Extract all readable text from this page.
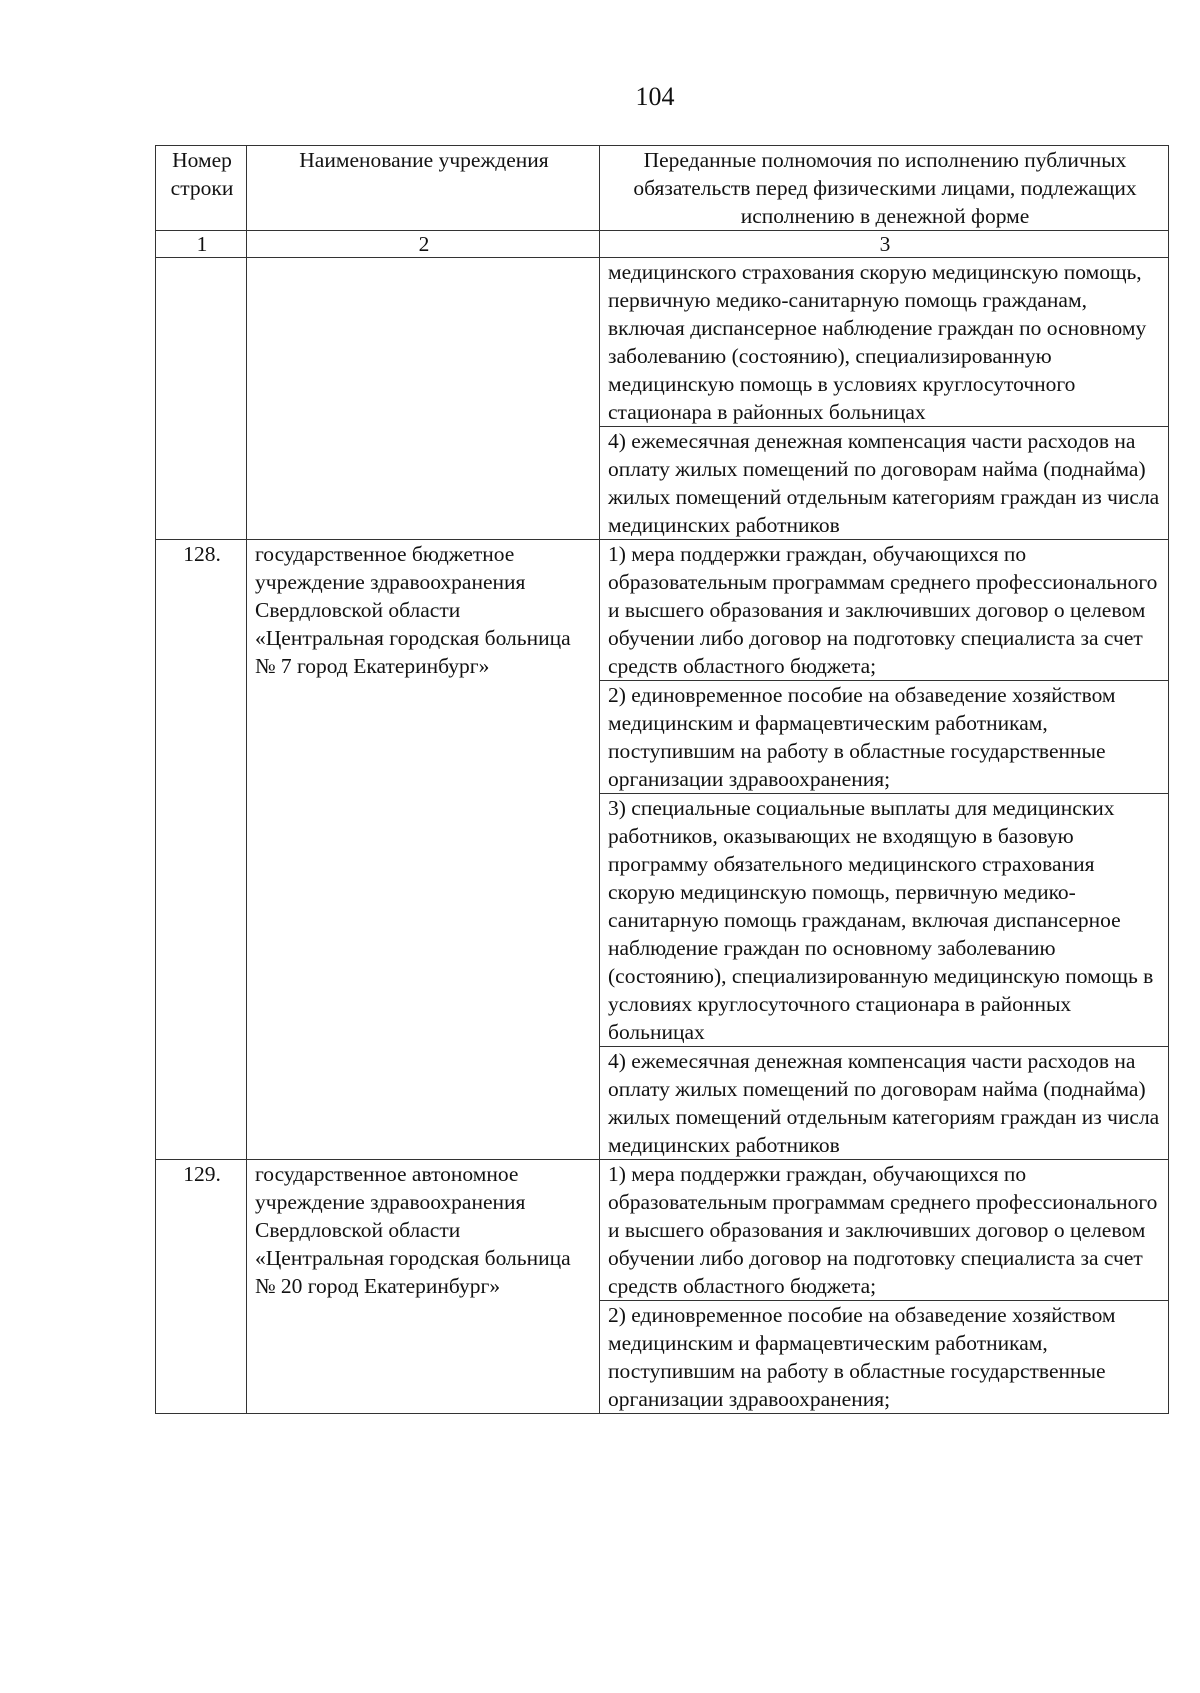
104
Номер строки	Наименование учреждения	Переданные полномочия по исполнению публичных обязательств перед физическими лицами, подлежащих исполнению в денежной форме
1	2	3
		медицинского страхования скорую медицинскую помощь, первичную медико-санитарную помощь гражданам, включая диспансерное наблюдение граждан по основному заболеванию (состоянию), специализированную медицинскую помощь в условиях круглосуточного стационара в районных больницах
		4) ежемесячная денежная компенсация части расходов на оплату жилых помещений по договорам найма (поднайма) жилых помещений отдельным категориям граждан из числа медицинских работников
128.	государственное бюджетное учреждение здравоохранения Свердловской области «Центральная городская больница № 7 город Екатеринбург»	1) мера поддержки граждан, обучающихся по образовательным программам среднего профессионального и высшего образования и заключивших договор о целевом обучении либо договор на подготовку специалиста за счет средств областного бюджета;
		2) единовременное пособие на обзаведение хозяйством медицинским и фармацевтическим работникам, поступившим на работу в областные государственные организации здравоохранения;
		3) специальные социальные выплаты для медицинских работников, оказывающих не входящую в базовую программу обязательного медицинского страхования скорую медицинскую помощь, первичную медико-санитарную помощь гражданам, включая диспансерное наблюдение граждан по основному заболеванию (состоянию), специализированную медицинскую помощь в условиях круглосуточного стационара в районных больницах
		4) ежемесячная денежная компенсация части расходов на оплату жилых помещений по договорам найма (поднайма) жилых помещений отдельным категориям граждан из числа медицинских работников
129.	государственное автономное учреждение здравоохранения Свердловской области «Центральная городская больница № 20 город Екатеринбург»	1) мера поддержки граждан, обучающихся по образовательным программам среднего профессионального и высшего образования и заключивших договор о целевом обучении либо договор на подготовку специалиста за счет средств областного бюджета;
		2) единовременное пособие на обзаведение хозяйством медицинским и фармацевтическим работникам, поступившим на работу в областные государственные организации здравоохранения;
